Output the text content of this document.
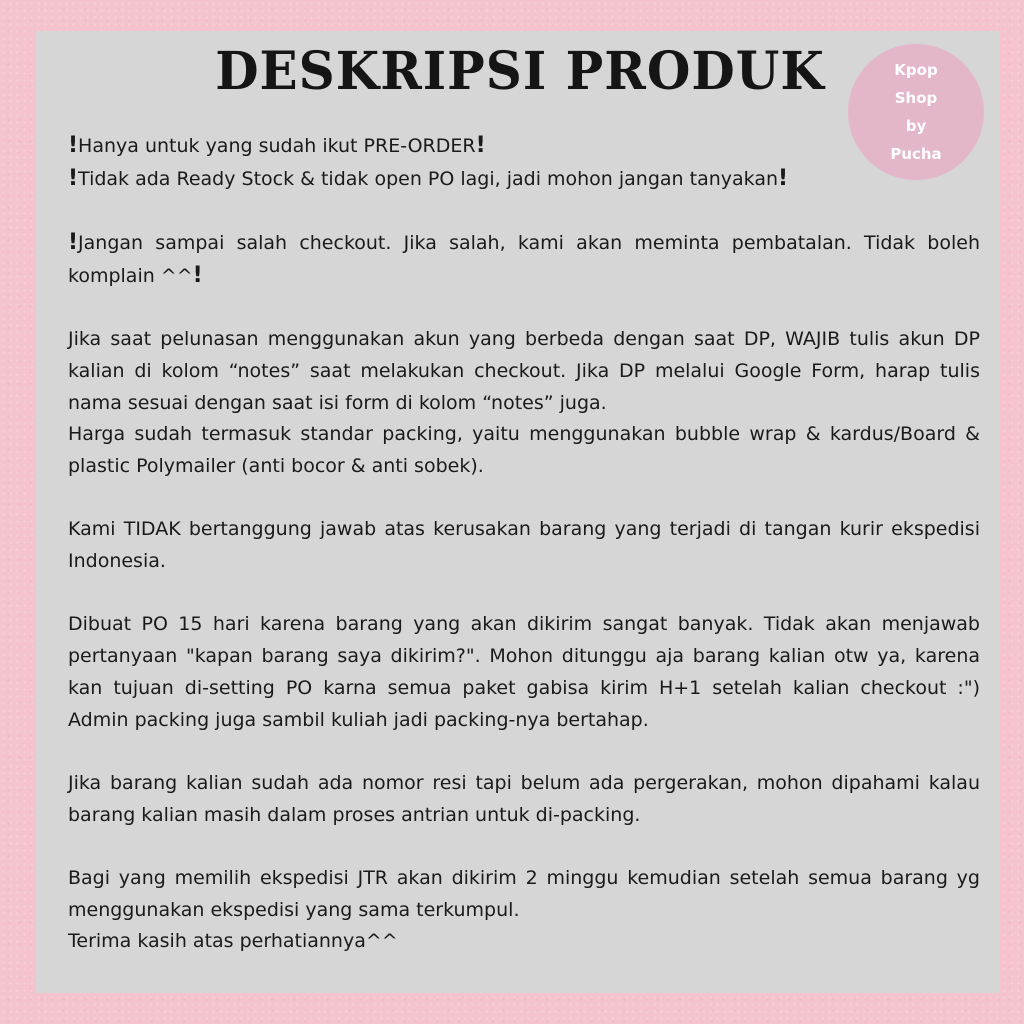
DESKRIPSI PRODUK	Kpop
Shop
by
Pucha

!Hanya untuk yang sudah ikut PRE-ORDER!

!Tidak ada Ready Stock & tidak open PO lagi, jadi mohon jangan tanyakan!

!Jangan sampai salah checkout. Jika salah, kami akan meminta pembatalan. Tidak boleh komplain ^^!

Jika saat pelunasan menggunakan akun yang berbeda dengan saat DP, WAJIB tulis akun DP kalian di kolom “notes” saat melakukan checkout. Jika DP melalui Google Form, harap tulis nama sesuai dengan saat isi form di kolom “notes” juga.

Harga sudah termasuk standar packing, yaitu menggunakan bubble wrap & kardus/Board & plastic Polymailer (anti bocor & anti sobek).

Kami TIDAK bertanggung jawab atas kerusakan barang yang terjadi di tangan kurir ekspedisi Indonesia.

Dibuat PO 15 hari karena barang yang akan dikirim sangat banyak. Tidak akan menjawab pertanyaan "kapan barang saya dikirim?". Mohon ditunggu aja barang kalian otw ya, karena kan tujuan di-setting PO karna semua paket gabisa kirim H+1 setelah kalian checkout :") Admin packing juga sambil kuliah jadi packing-nya bertahap.

Jika barang kalian sudah ada nomor resi tapi belum ada pergerakan, mohon dipahami kalau barang kalian masih dalam proses antrian untuk di-packing.

Bagi yang memilih ekspedisi JTR akan dikirim 2 minggu kemudian setelah semua barang yg menggunakan ekspedisi yang sama terkumpul.

Terima kasih atas perhatiannya^^
